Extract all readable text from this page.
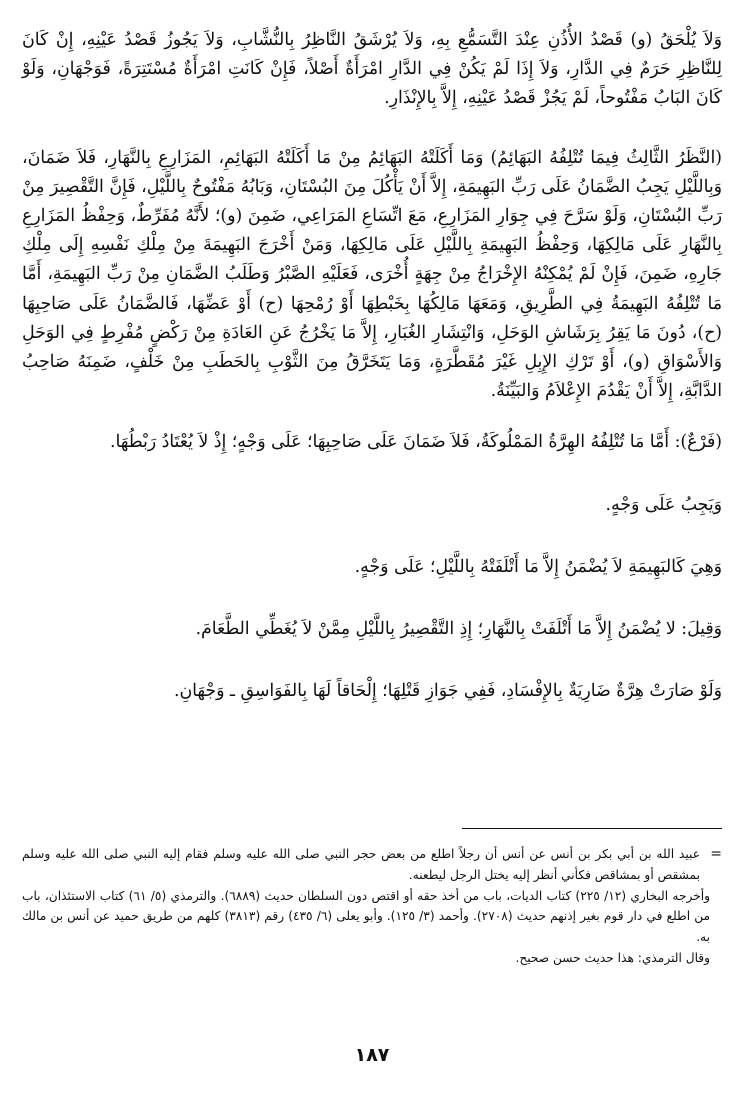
وَلاَ يُلْحَقُ (و) قَصْدُ الأُذُنِ عِنْدَ التَّسَمُّعِ بِهِ، وَلاَ يُرْشَقُ النَّاظِرُ بِالنُّشَّابِ، وَلاَ يَجُوزُ قَصْدُ عَيْنِهِ، إِنْ كَانَ لِلنَّاظِرِ حَرَمٌ فِي الدَّارِ، وَلاَ إِذَا لَمْ يَكُنْ فِي الدَّارِ امْرَأَةٌ أَصْلاً، فَإِنْ كَانَتِ امْرَأَةٌ مُسْتَتِرَةً، فَوَجْهَانِ، وَلَوْ كَانَ البَابُ مَفْتُوحاً، لَمْ يَجُزْ قَصْدُ عَيْنِهِ، إِلاَّ بِالإِنْذَارِ.

(النَّظَرُ الثَّالِثُ فِيمَا تُتْلِفُهُ البَهَائِمُ) وَمَا أَكَلَتْهُ البَهَائِمُ مِنْ مَا أَكَلَتْهُ البَهَائِمِ، المَزَارِعِ بِالنَّهَارِ، فَلاَ ضَمَانَ، وَبِاللَّيْلِ يَجِبُ الضَّمَانُ عَلَى رَبِّ البَهِيمَةِ، إِلاَّ أَنْ يَأْكُلَ مِنَ البُسْتَانِ، وَبَابُهُ مَفْتُوحٌ بِاللَّيْلِ، فَإِنَّ التَّقْصِيرَ مِنْ رَبِّ البُسْتَانِ، وَلَوْ سَرَّحَ فِي جِوَارِ المَزَارِعِ، مَعَ اتِّسَاعِ المَرَاعِي، ضَمِنَ (و)؛ لأَنَّهُ مُفَرِّطٌ، وَحِفْظُ المَزَارِعِ بِالنَّهَارِ عَلَى مَالِكِهَا، وَحِفْظُ البَهِيمَةِ بِاللَّيْلِ عَلَى مَالِكِهَا، وَمَنْ أَخْرَجَ البَهِيمَةَ مِنْ مِلْكِ نَفْسِهِ إِلَى مِلْكِ جَارِهِ، ضَمِنَ، فَإِنْ لَمْ يُمْكِنْهُ الإِخْرَاجُ مِنْ جِهَةٍ أُخْرَى، فَعَلَيْهِ الصَّبْرُ وَطَلَبُ الضَّمَانِ مِنْ رَبِّ البَهِيمَةِ، أَمَّا مَا تُتْلِفُهُ البَهِيمَةُ فِي الطَّرِيقِ، وَمَعَهَا مَالِكُهَا بِخَبْطِهَا أَوْ رُمْحِهَا (ح) أَوْ عَضِّهَا، فَالضَّمَانُ عَلَى صَاحِبِهَا (ح)، دُونَ مَا يَقِرُ بِرَشَاشِ الوَحَلِ، وَانْتِشَارِ الغُبَارِ، إِلاَّ مَا يَخْرُجُ عَنِ العَادَةِ مِنْ رَكْضٍ مُفْرِطٍ فِي الوَحَلِ وَالأَسْوَاقِ (و)، أَوْ تَرْكِ الإِبِلِ غَيْرَ مُقَطَّرَةٍ، وَمَا يَتَخَرَّقُ مِنَ الثَّوْبِ بِالحَطَبِ مِنْ خَلْفٍ، ضَمِنَهُ صَاحِبُ الدَّابَّةِ، إِلاَّ أَنْ يَقْدُمَ الإِعْلاَمُ وَالبَيِّنَةُ.

(فَرْعٌ): أَمَّا مَا تُتْلِفُهُ الهِرَّةُ المَمْلُوكَةُ، فَلاَ ضَمَانَ عَلَى صَاحِبِهَا؛ عَلَى وَجْهٍ؛ إِذْ لاَ يُعْتَادُ رَبْطُهَا.

وَيَجِبُ عَلَى وَجْهٍ.

وَهِيَ كَالبَهِيمَةِ لاَ يُضْمَنُ إِلاَّ مَا أَتْلَفَتْهُ بِاللَّيْلِ؛ عَلَى وَجْهٍ.

وَقِيلَ: لا يُضْمَنُ إِلاَّ مَا أَتْلَفَتْ بِالنَّهَارِ؛ إِذِ التَّقْصِيرُ بِاللَّيْلِ مِمَّنْ لاَ يُغَطِّي الطَّعَامَ.

وَلَوْ صَارَتْ هِرَّةٌ ضَارِيَةٌ بِالإِفْسَادِ، فَفِي جَوَازِ قَتْلِهَا؛ إِلْحَاقاً لَهَا بِالفَوَاسِقِ ـ وَجْهَانِ.

=
عبيد الله بن أبي بكر بن أنس عن أنس أن رجلاً اطلع من بعض حجر النبي صلى الله عليه وسلم فقام إليه النبي صلى الله عليه وسلم بمشقص أو بمشاقص فكأني أنظر إليه يختل الرجل ليطعنه.

وأخرجه البخاري (١٢/ ٢٢٥) كتاب الديات، باب من أخذ حقه أو اقتص دون السلطان حديث (٦٨٨٩). والترمذي (٥/ ٦١) كتاب الاستئذان، باب من اطلع في دار قوم بغير إذنهم حديث (٢٧٠٨). وأحمد (٣/ ١٢٥). وأبو يعلى (٦/ ٤٣٥) رقم (٣٨١٣) كلهم من طريق حميد عن أنس بن مالك به.

وقال الترمذي: هذا حديث حسن صحيح.

١٨٧
